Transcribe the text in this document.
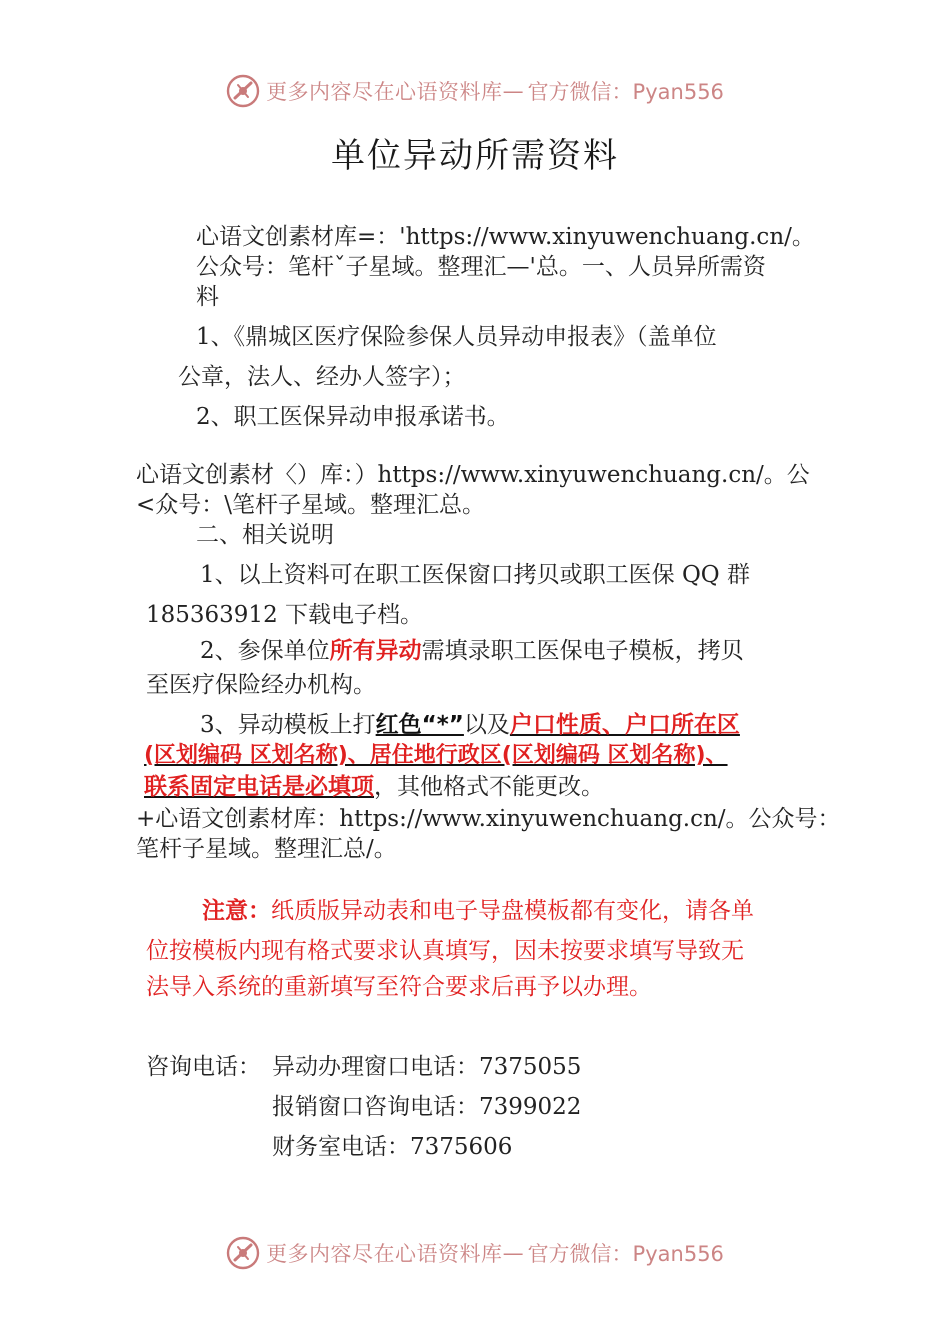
更多内容尽在心语资料库 — 官方微信：Pyan556
单位异动所需资料
心语文创素材库=：'https://www.xinyuwenchuang.cn/。
公众号：笔杆ˇ子星域。整理汇—'总。一、人员异所需资
料
1、《鼎城区医疗保险参保人员异动申报表》（盖单位
公章，法人、经办人签字）；
2、职工医保异动申报承诺书。
心语文创素材〈）库：）https://www.xinyuwenchuang.cn/。公
<众号：\笔杆子星域。整理汇总。
二、相关说明
1、以上资料可在职工医保窗口拷贝或职工医保 QQ 群
185363912 下载电子档。
2、参保单位所有异动需填录职工医保电子模板，拷贝
至医疗保险经办机构。
3、异动模板上打红色“*”以及户口性质、户口所在区
(区划编码 区划名称)、居住地行政区(区划编码 区划名称)、
联系固定电话是必填项，其他格式不能更改。
+心语文创素材库：https://www.xinyuwenchuang.cn/。公众号：
笔杆子星域。整理汇总/。
注意：纸质版异动表和电子导盘模板都有变化，请各单
位按模板内现有格式要求认真填写，因未按要求填写导致无
法导入系统的重新填写至符合要求后再予以办理。
咨询电话： 异动办理窗口电话：7375055
报销窗口咨询电话：7399022
财务室电话：7375606
更多内容尽在心语资料库 — 官方微信：Pyan556
